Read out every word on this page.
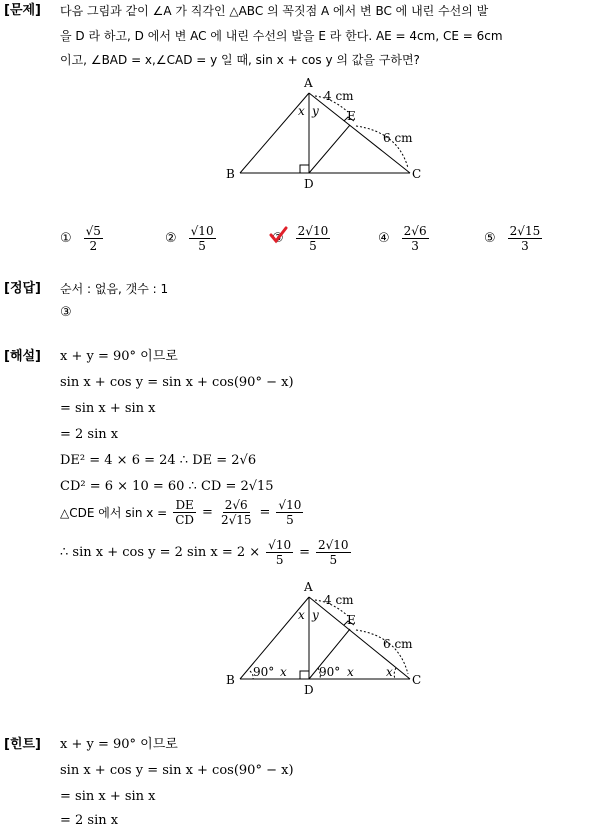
[문제] 다음 그림과 같이 ∠A 가 직각인 △ABC 의 꼭짓점 A 에서 변 BC 에 내린 수선의 발
을 D 라 하고, D 에서 변 AC 에 내린 수선의 발을 E 라 한다. AE = 4cm, CE = 6cm
이고, ∠BAD = x,∠CAD = y 일 때, sin x + cos y 의 값을 구하면?
A
B	C
D
E
4 cm
6 cm
x y
① $\frac{√5}{2}$	② $\frac{√10}{5}$	③ $\frac{2√10}{5}$	④ $\frac{2√6}{3}$	⑤ $\frac{2√15}{3}$
[정답] 순서 : 없음, 갯수 : 1
③
[해설] x + y = 90° 이므로
sin x + cos y = sin x + cos(90° − x)
= sin x + sin x
= 2 sin x
DE² = 4 × 6 = 24 ∴ DE = 2√6
CD² = 6 × 10 = 60 ∴ CD = 2√15
△CDE 에서 $\sin x = \frac{DE}{CD} = \frac{2√6}{2√15} = \frac{√10}{5}$
∴ sin x + cos y = 2 $\sin x = 2 \times \frac{√10}{5} = \frac{2√10}{5}$
A
B	C
D
E
4 cm
6 cm
x y
90° x	90° x	x
[힌트] x + y = 90° 이므로
sin x + cos y = sin x + cos(90° − x)
= sin x + sin x
= 2 sin x
